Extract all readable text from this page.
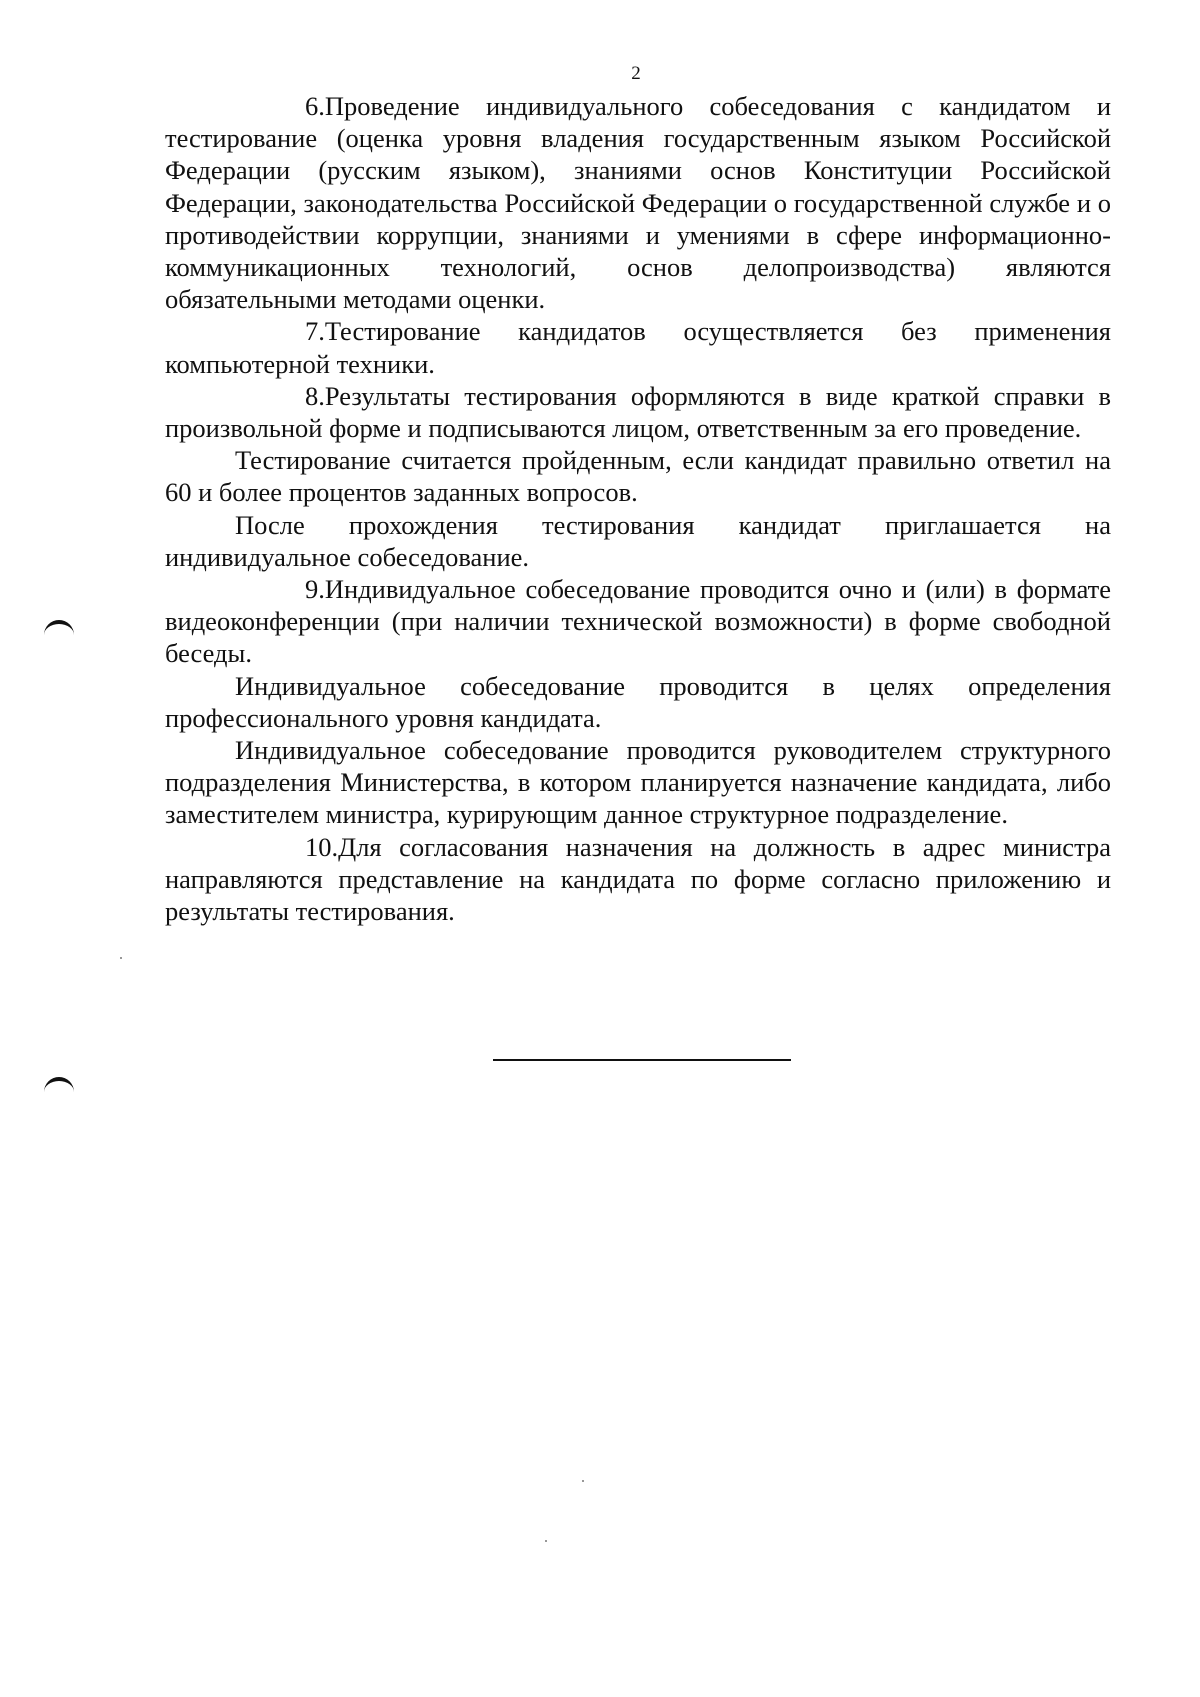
2

6.Проведение индивидуального собеседования с кандидатом и тестирование (оценка уровня владения государственным языком Российской Федерации (русским языком), знаниями основ Конституции Российской Федерации, законодательства Российской Федерации о государственной службе и о противодействии коррупции, знаниями и умениями в сфере информационно-коммуникационных технологий, основ делопроизводства) являются обязательными методами оценки.

7.Тестирование кандидатов осуществляется без применения компьютерной техники.

8.Результаты тестирования оформляются в виде краткой справки в произвольной форме и подписываются лицом, ответственным за его проведение.

Тестирование считается пройденным, если кандидат правильно ответил на 60 и более процентов заданных вопросов.

После прохождения тестирования кандидат приглашается на индивидуальное собеседование.

9.Индивидуальное собеседование проводится очно и (или) в формате видеоконференции (при наличии технической возможности) в форме свободной беседы.

Индивидуальное собеседование проводится в целях определения профессионального уровня кандидата.

Индивидуальное собеседование проводится руководителем структурного подразделения Министерства, в котором планируется назначение кандидата, либо заместителем министра, курирующим данное структурное подразделение.

10.Для согласования назначения на должность в адрес министра направляются представление на кандидата по форме согласно приложению и результаты тестирования.
